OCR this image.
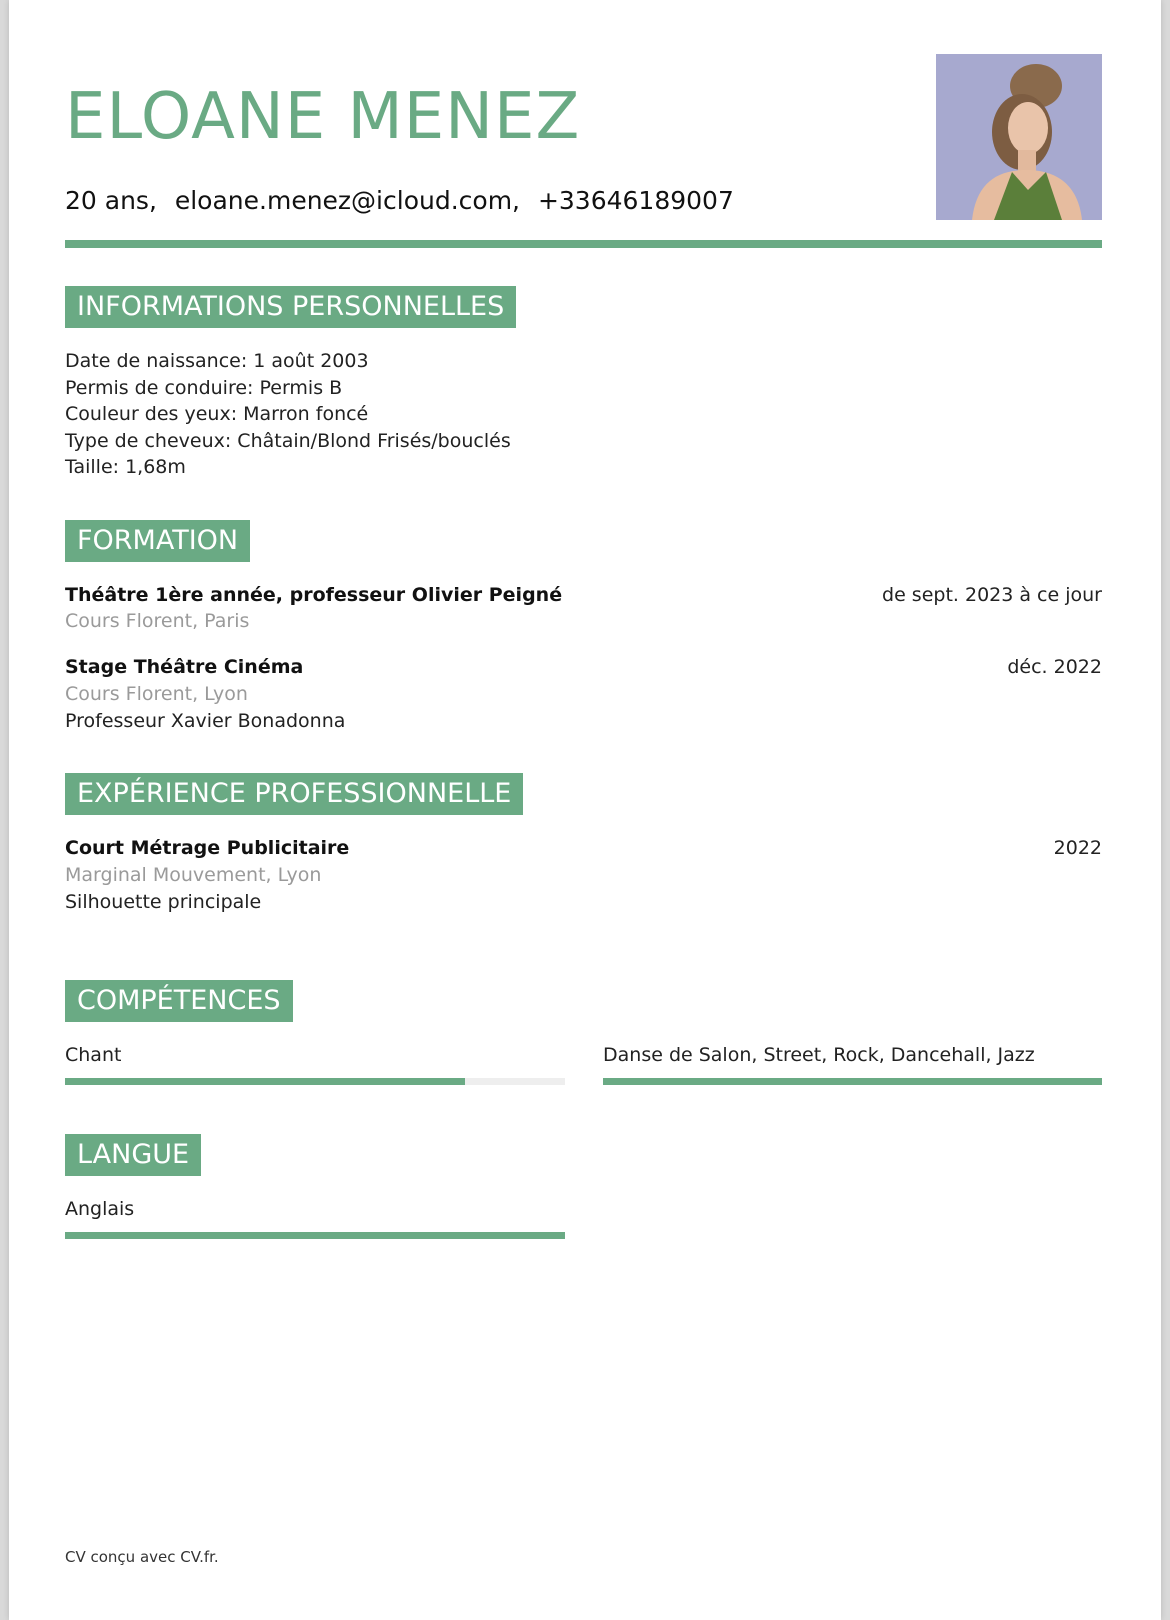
ELOANE MENEZ
20 ans, eloane.menez@icloud.com, +33646189007
INFORMATIONS PERSONNELLES
Date de naissance: 1 août 2003
Permis de conduire: Permis B
Couleur des yeux: Marron foncé
Type de cheveux: Châtain/Blond Frisés/bouclés
Taille: 1,68m
FORMATION
Théâtre 1ère année, professeur Olivier Peigné	de sept. 2023 à ce jour
Cours Florent, Paris
Stage Théâtre Cinéma	déc. 2022
Cours Florent, Lyon
Professeur Xavier Bonadonna
EXPÉRIENCE PROFESSIONNELLE
Court Métrage Publicitaire	2022
Marginal Mouvement, Lyon
Silhouette principale
COMPÉTENCES
Chant	Danse de Salon, Street, Rock, Dancehall, Jazz
LANGUE
Anglais
CV conçu avec CV.fr.
